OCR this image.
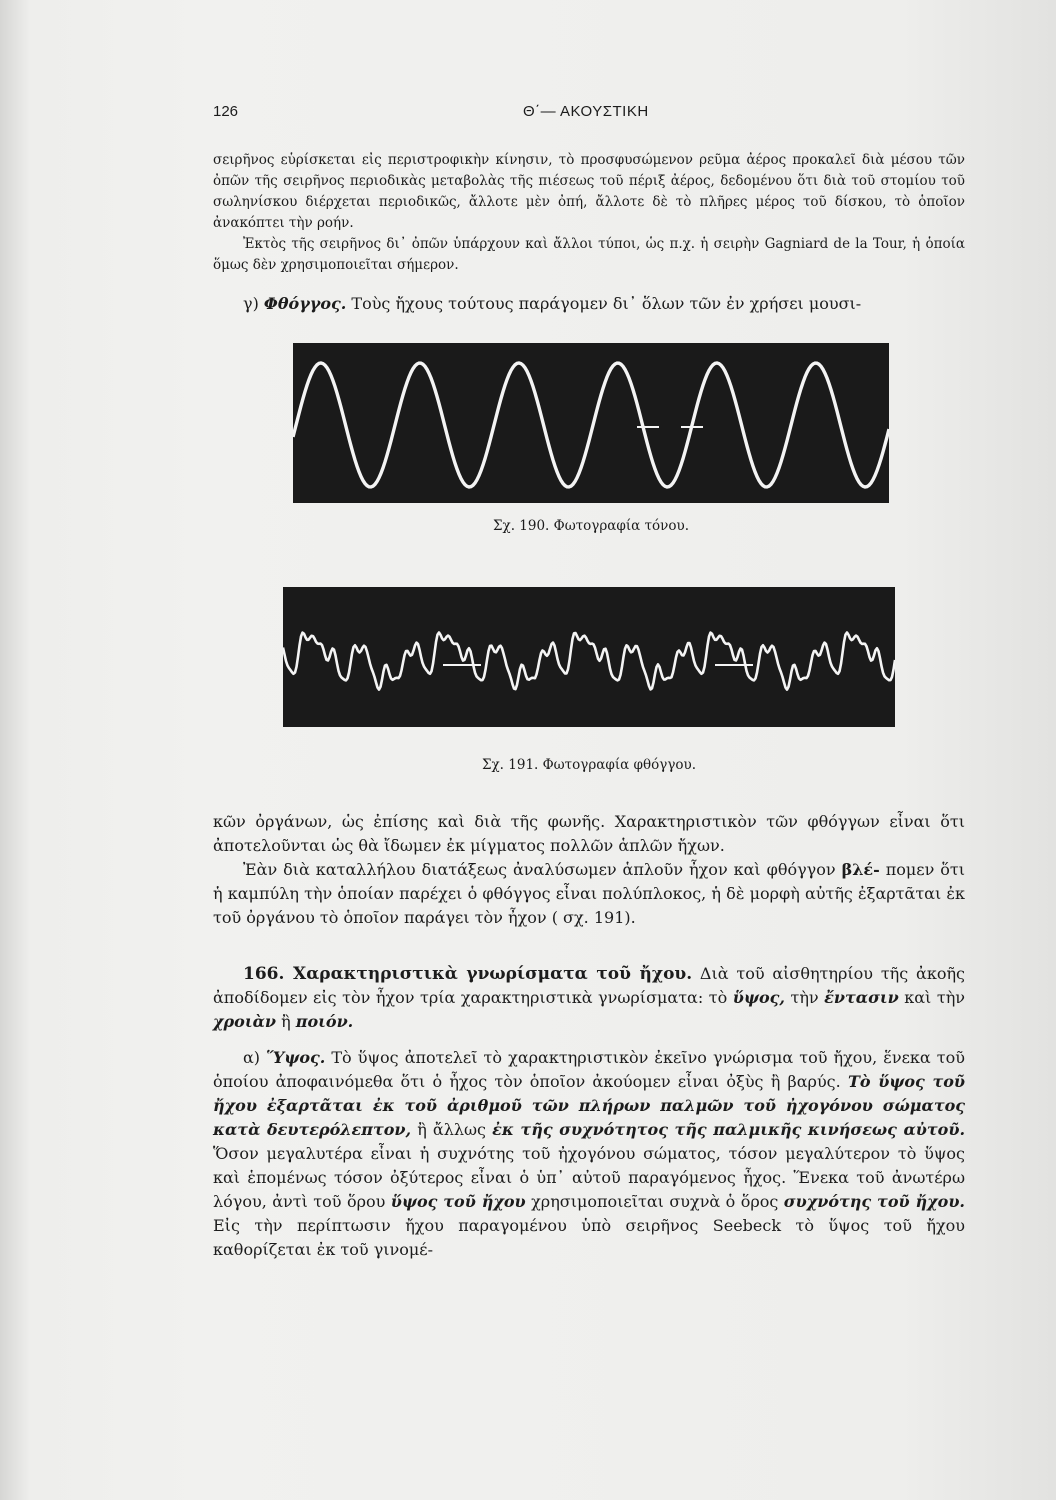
126	Θ΄— ΑΚΟΥΣΤΙΚΗ
σειρῆνος εὑρίσκεται εἰς περιστροφικὴν κίνησιν, τὸ προσφυσώμενον ρεῦμα ἀέρος προκαλεῖ διὰ μέσου τῶν ὀπῶν τῆς σειρῆνος περιοδικὰς μεταβολὰς τῆς πιέσεως τοῦ πέριξ ἀέρος, δεδομένου ὅτι διὰ τοῦ στομίου τοῦ σωληνίσκου διέρχεται περιοδικῶς, ἄλλοτε μὲν ὀπή, ἄλλοτε δὲ τὸ πλῆρες μέρος τοῦ δίσκου, τὸ ὁποῖον ἀνακόπτει τὴν ροήν.
Ἐκτὸς τῆς σειρῆνος δι᾿ ὀπῶν ὑπάρχουν καὶ ἄλλοι τύποι, ὡς π.χ. ἡ σειρὴν Gagniard de la Tour, ἡ ὁποία ὅμως δὲν χρησιμοποιεῖται σήμερον.
γ) Φθόγγος. Τοὺς ἤχους τούτους παράγομεν δι᾿ ὅλων τῶν ἐν χρήσει μουσι-
Σχ. 190. Φωτογραφία τόνου.
Σχ. 191. Φωτογραφία φθόγγου.
κῶν ὀργάνων, ὡς ἐπίσης καὶ διὰ τῆς φωνῆς. Χαρακτηριστικὸν τῶν φθόγγων εἶναι ὅτι ἀποτελοῦνται ὡς θὰ ἴδωμεν ἐκ μίγματος πολλῶν ἁπλῶν ἤχων.
Ἐὰν διὰ καταλλήλου διατάξεως ἀναλύσωμεν ἁπλοῦν ἦχον καὶ φθόγγον βλέ- πομεν ὅτι ἡ καμπύλη τὴν ὁποίαν παρέχει ὁ φθόγγος εἶναι πολύπλοκος, ἡ δὲ μορφὴ αὐτῆς ἐξαρτᾶται ἐκ τοῦ ὀργάνου τὸ ὁποῖον παράγει τὸν ἦχον ( σχ. 191).
166. Χαρακτηριστικὰ γνωρίσματα τοῦ ἤχου. Διὰ τοῦ αἰσθητηρίου τῆς ἀκοῆς ἀποδίδομεν εἰς τὸν ἦχον τρία χαρακτηριστικὰ γνωρίσματα: τὸ ὕψος, τὴν ἔντασιν καὶ τὴν χροιὰν ἢ ποιόν.
α) Ὕψος. Τὸ ὕψος ἀποτελεῖ τὸ χαρακτηριστικὸν ἐκεῖνο γνώρισμα τοῦ ἤχου, ἕνεκα τοῦ ὁποίου ἀποφαινόμεθα ὅτι ὁ ἦχος τὸν ὁποῖον ἀκούομεν εἶναι ὀξὺς ἢ βαρύς. Τὸ ὕψος τοῦ ἤχου ἐξαρτᾶται ἐκ τοῦ ἀριθμοῦ τῶν πλήρων παλμῶν τοῦ ἠχογόνου σώματος κατὰ δευτερόλεπτον, ἢ ἄλλως ἐκ τῆς συχνότητος τῆς παλμικῆς κινήσεως αὐτοῦ. Ὅσον μεγαλυτέρα εἶναι ἡ συχνότης τοῦ ἠχογόνου σώματος, τόσον μεγαλύτερον τὸ ὕψος καὶ ἑπομένως τόσον ὀξύτερος εἶναι ὁ ὑπ᾿ αὐτοῦ παραγόμενος ἦχος. Ἕνεκα τοῦ ἀνωτέρω λόγου, ἀντὶ τοῦ ὅρου ὕψος τοῦ ἤχου χρησιμοποιεῖται συχνὰ ὁ ὅρος συχνότης τοῦ ἤχου. Εἰς τὴν περίπτωσιν ἤχου παραγομένου ὑπὸ σειρῆνος Seebeck τὸ ὕψος τοῦ ἤχου καθορίζεται ἐκ τοῦ γινομέ-
